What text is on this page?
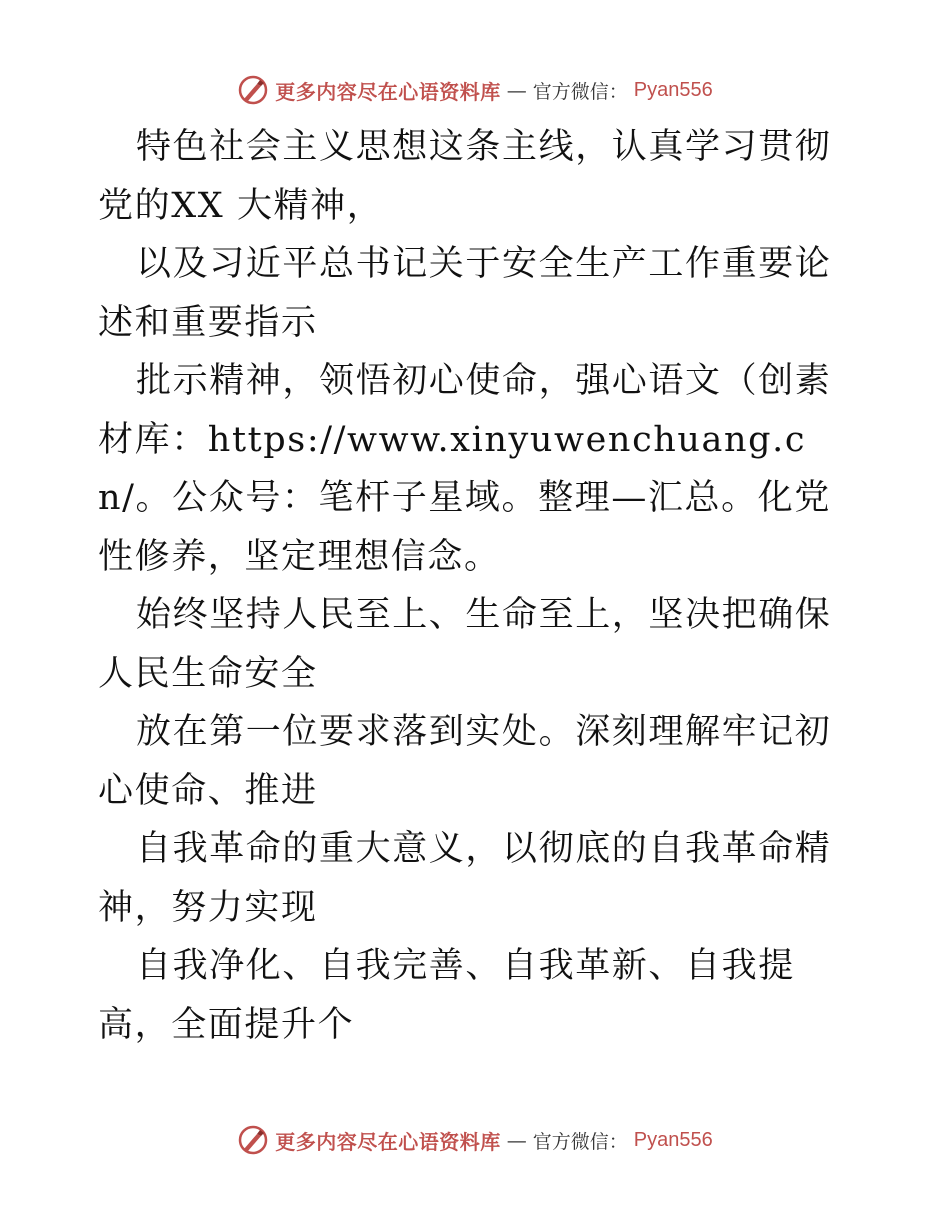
更多内容尽在心语资料库 — 官方微信： Pyan556

特色社会主义思想这条主线，认真学习贯彻党的XX 大精神，

以及习近平总书记关于安全生产工作重要论述和重要指示

批示精神，领悟初心使命，强心语文（创素材库：https://www.xinyuwenchuang.cn/。公众号：笔杆子星域。整理—汇总。化党性修养，坚定理想信念。

始终坚持人民至上、生命至上，坚决把确保人民生命安全

放在第一位要求落到实处。深刻理解牢记初心使命、推进

自我革命的重大意义，以彻底的自我革命精神，努力实现

自我净化、自我完善、自我革新、自我提高，全面提升个

更多内容尽在心语资料库 — 官方微信： Pyan556
